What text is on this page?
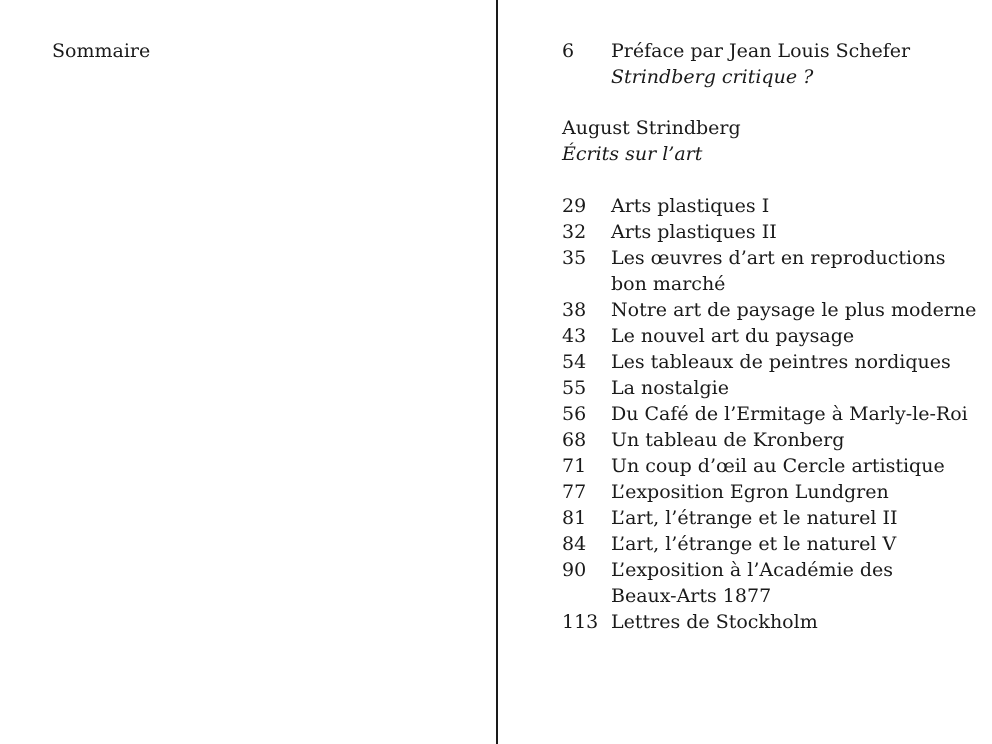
Sommaire	6	Préface par Jean Louis Schefer
Strindberg critique ?
August Strindberg
Écrits sur l’art
29	Arts plastiques I
32	Arts plastiques II
35	Les œuvres d’art en reproductions
bon marché
38	Notre art de paysage le plus moderne
43	Le nouvel art du paysage
54	Les tableaux de peintres nordiques
55	La nostalgie
56	Du Café de l’Ermitage à Marly-le-Roi
68	Un tableau de Kronberg
71	Un coup d’œil au Cercle artistique
77	L’exposition Egron Lundgren
81	L’art, l’étrange et le naturel II
84	L’art, l’étrange et le naturel V
90	L’exposition à l’Académie des
Beaux-Arts 1877
113 Lettres de Stockholm
